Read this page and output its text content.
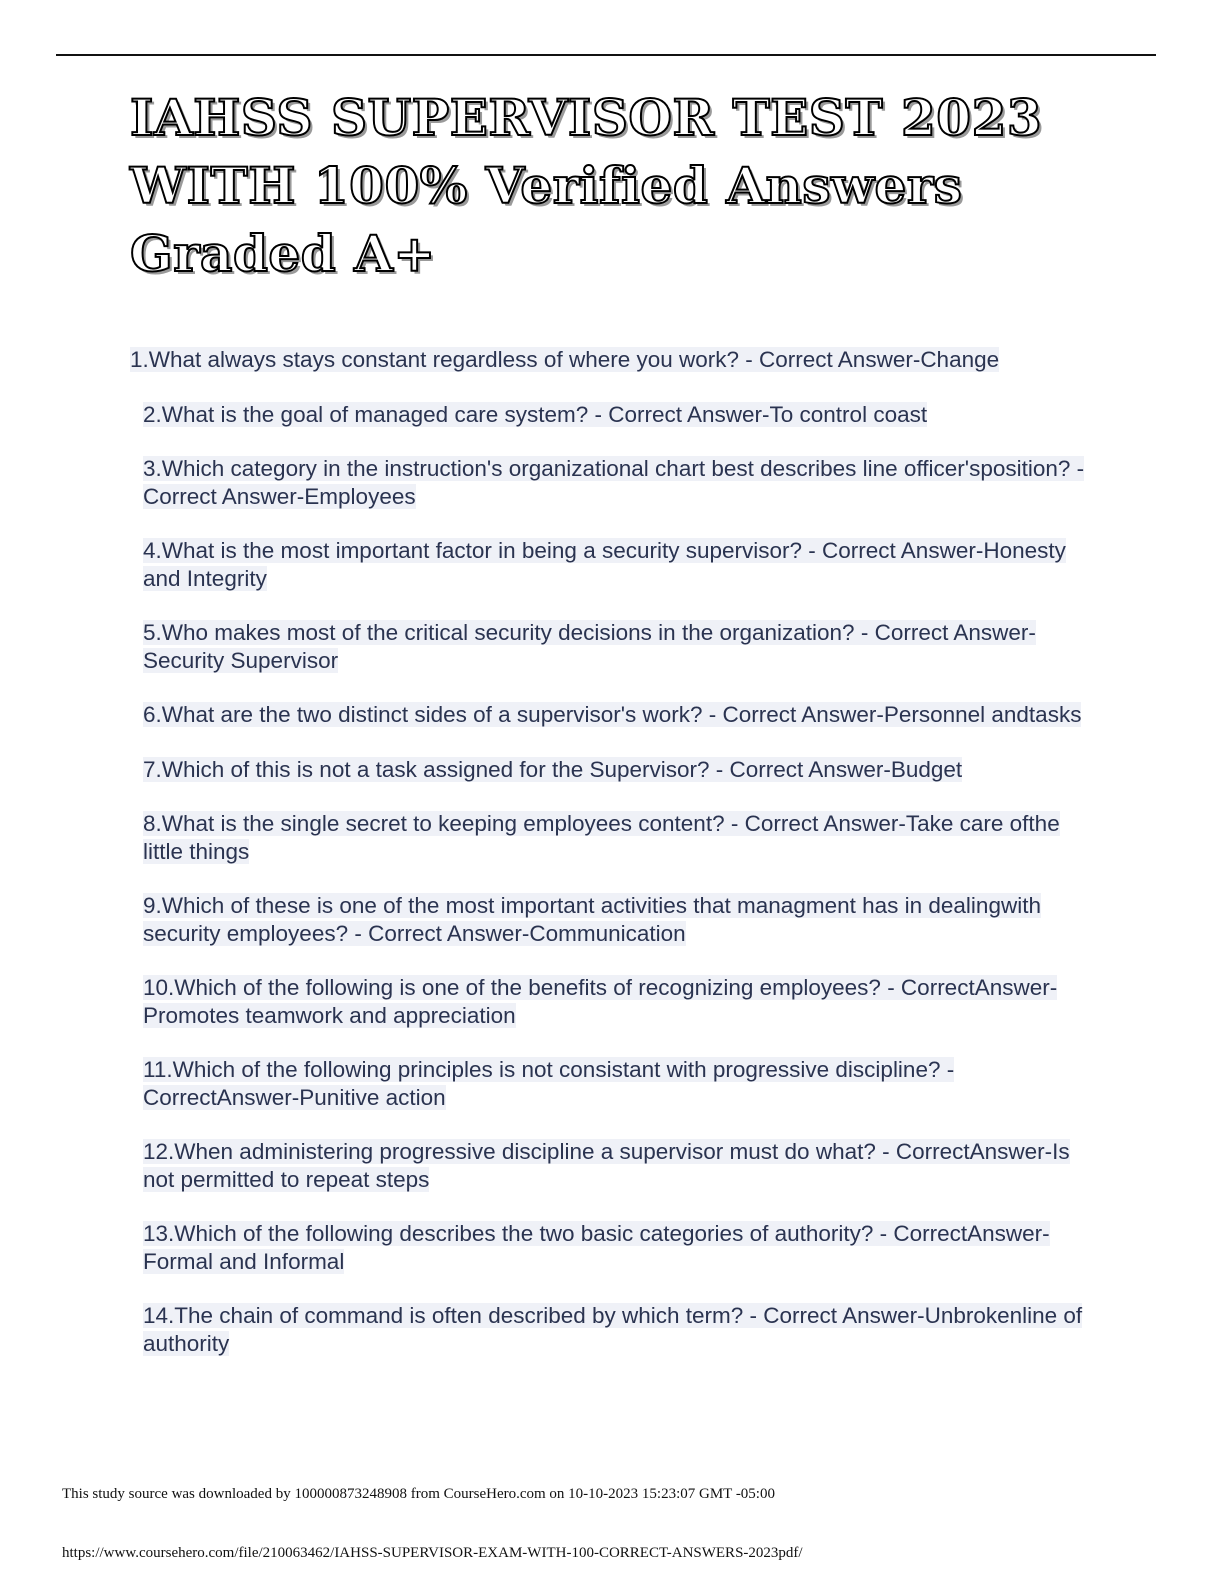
IAHSS SUPERVISOR TEST 2023 WITH 100% Verified Answers Graded A+
1.What always stays constant regardless of where you work? - Correct Answer-Change
2.What is the goal of managed care system? - Correct Answer-To control coast
3.Which category in the instruction's organizational chart best describes line officer'sposition? - Correct Answer-Employees
4.What is the most important factor in being a security supervisor? - Correct Answer-Honesty and Integrity
5.Who makes most of the critical security decisions in the organization? - Correct Answer-Security Supervisor
6.What are the two distinct sides of a supervisor's work? - Correct Answer-Personnel andtasks
7.Which of this is not a task assigned for the Supervisor? - Correct Answer-Budget
8.What is the single secret to keeping employees content? - Correct Answer-Take care ofthe little things
9.Which of these is one of the most important activities that managment has in dealingwith security employees? - Correct Answer-Communication
10.Which of the following is one of the benefits of recognizing employees? - CorrectAnswer-Promotes teamwork and appreciation
11.Which of the following principles is not consistant with progressive discipline? - CorrectAnswer-Punitive action
12.When administering progressive discipline a supervisor must do what? - CorrectAnswer-Is not permitted to repeat steps
13.Which of the following describes the two basic categories of authority? - CorrectAnswer-Formal and Informal
14.The chain of command is often described by which term? - Correct Answer-Unbrokenline of authority
This study source was downloaded by 100000873248908 from CourseHero.com on 10-10-2023 15:23:07 GMT -05:00
https://www.coursehero.com/file/210063462/IAHSS-SUPERVISOR-EXAM-WITH-100-CORRECT-ANSWERS-2023pdf/
